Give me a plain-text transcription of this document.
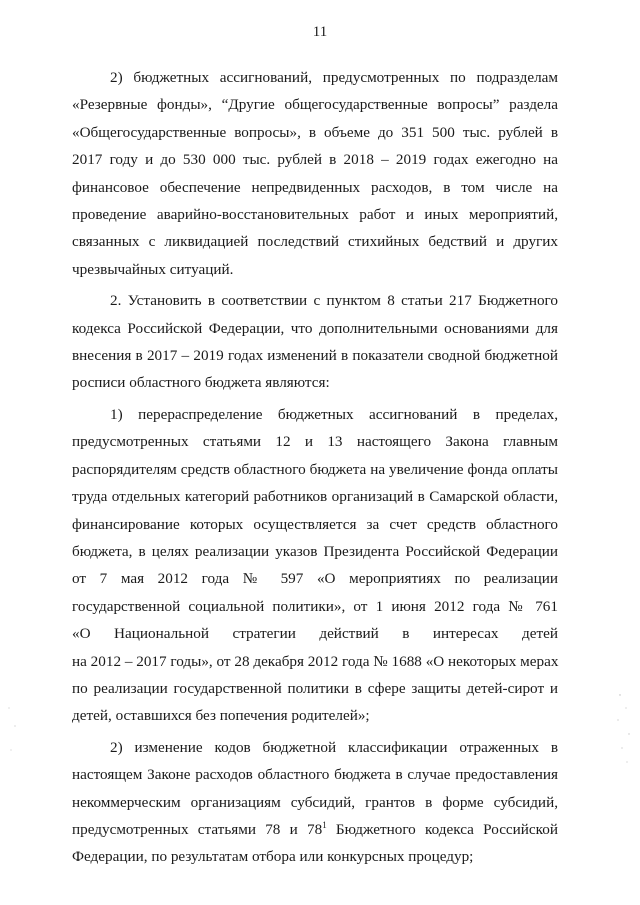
11
2) бюджетных ассигнований, предусмотренных по подразделам
«Резервные фонды», “Другие общегосударственные вопросы” раздела
«Общегосударственные вопросы», в объеме до 351 500 тыс. рублей в
2017 году и до 530 000 тыс. рублей в 2018 – 2019 годах ежегодно на
финансовое обеспечение непредвиденных расходов, в том числе на
проведение аварийно-восстановительных работ и иных мероприятий,
связанных с ликвидацией последствий стихийных бедствий и других
чрезвычайных ситуаций.
2. Установить в соответствии с пунктом 8 статьи 217 Бюджетного
кодекса Российской Федерации, что дополнительными основаниями для
внесения в 2017 – 2019 годах изменений в показатели сводной бюджетной
росписи областного бюджета являются:
1) перераспределение бюджетных ассигнований в пределах,
предусмотренных статьями 12 и 13 настоящего Закона главным
распорядителям средств областного бюджета на увеличение фонда оплаты
труда отдельных категорий работников организаций в Самарской области,
финансирование которых осуществляется за счет средств областного
бюджета, в целях реализации указов Президента Российской Федерации
от 7 мая 2012 года № 597 «О мероприятиях по реализации
государственной социальной политики», от 1 июня 2012 года № 761
«О Национальной стратегии действий в интересах детей
на 2012 – 2017 годы», от 28 декабря 2012 года № 1688 «О некоторых мерах
по реализации государственной политики в сфере защиты детей-сирот и
детей, оставшихся без попечения родителей»;
2) изменение кодов бюджетной классификации отраженных в
настоящем Законе расходов областного бюджета в случае предоставления
некоммерческим организациям субсидий, грантов в форме субсидий,
предусмотренных статьями 78 и $78^1$ Бюджетного кодекса Российской
Федерации, по результатам отбора или конкурсных процедур;
